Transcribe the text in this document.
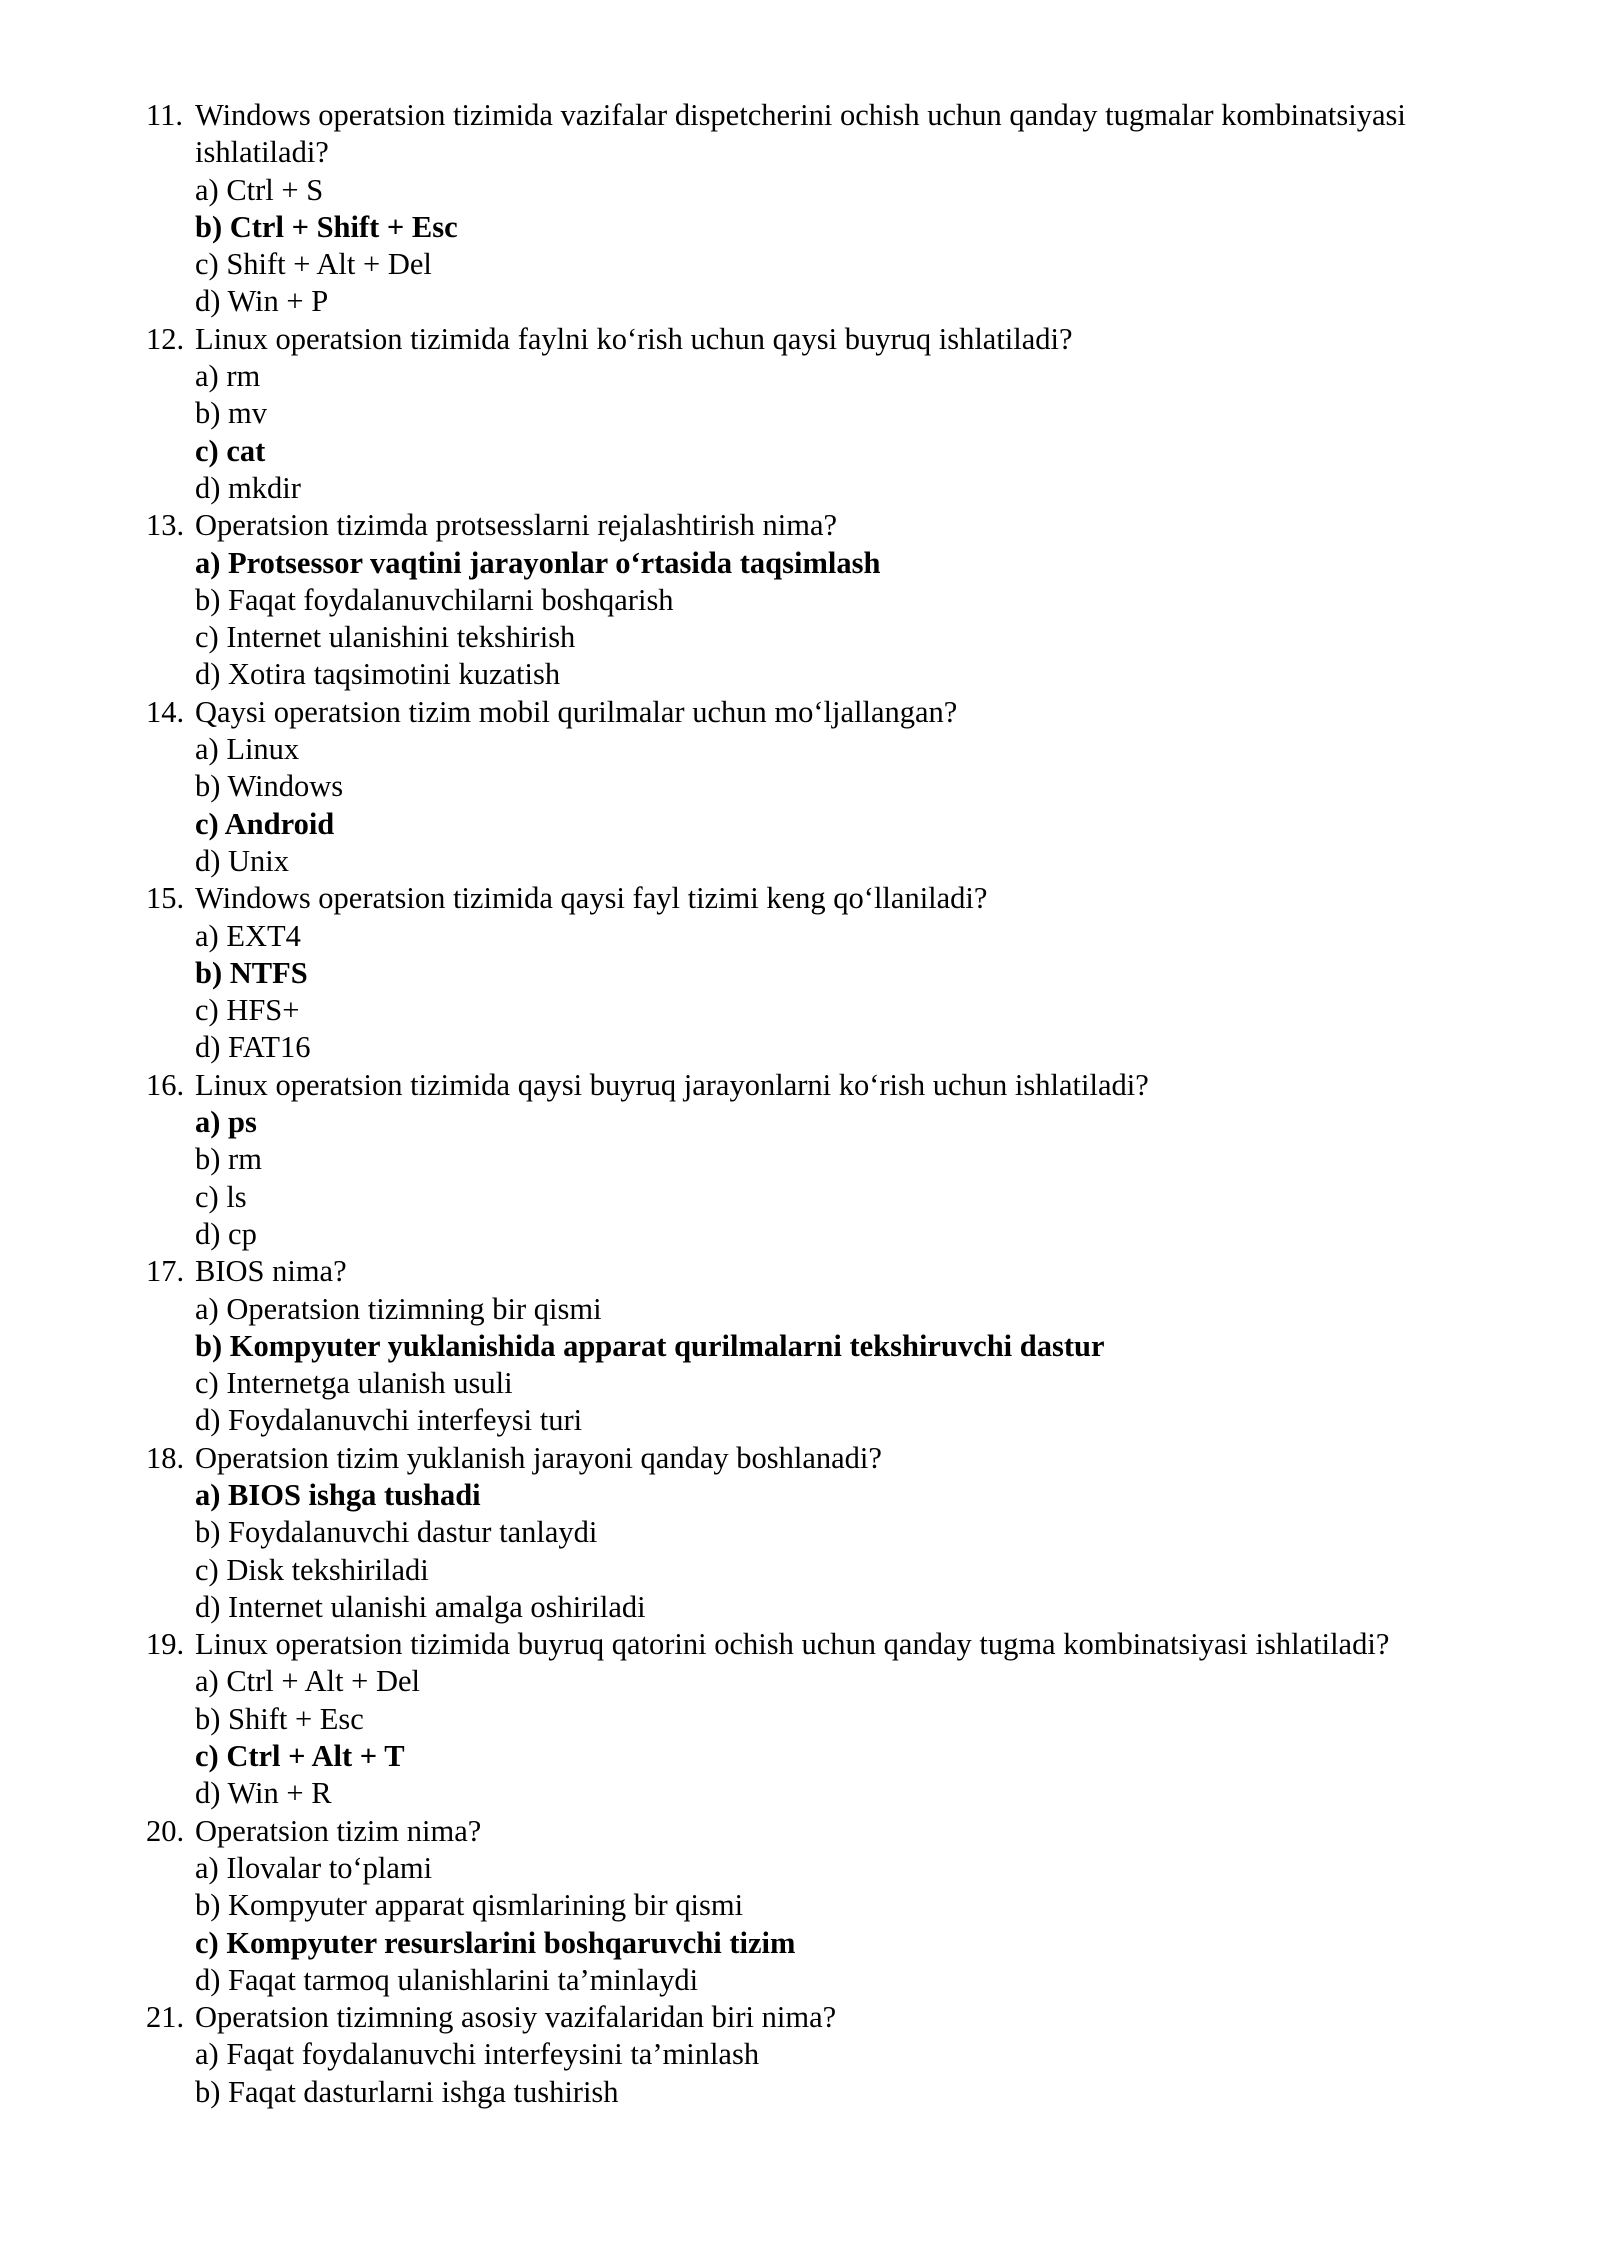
11. Windows operatsion tizimida vazifalar dispetcherini ochish uchun qanday tugmalar kombinatsiyasi ishlatiladi?
a) Ctrl + S
b) Ctrl + Shift + Esc
c) Shift + Alt + Del
d) Win + P
12. Linux operatsion tizimida faylni ko‘rish uchun qaysi buyruq ishlatiladi?
a) rm
b) mv
c) cat
d) mkdir
13. Operatsion tizimda protsesslarni rejalashtirish nima?
a) Protsessor vaqtini jarayonlar o‘rtasida taqsimlash
b) Faqat foydalanuvchilarni boshqarish
c) Internet ulanishini tekshirish
d) Xotira taqsimotini kuzatish
14. Qaysi operatsion tizim mobil qurilmalar uchun mo‘ljallangan?
a) Linux
b) Windows
c) Android
d) Unix
15. Windows operatsion tizimida qaysi fayl tizimi keng qo‘llaniladi?
a) EXT4
b) NTFS
c) HFS+
d) FAT16
16. Linux operatsion tizimida qaysi buyruq jarayonlarni ko‘rish uchun ishlatiladi?
a) ps
b) rm
c) ls
d) cp
17. BIOS nima?
a) Operatsion tizimning bir qismi
b) Kompyuter yuklanishida apparat qurilmalarni tekshiruvchi dastur
c) Internetga ulanish usuli
d) Foydalanuvchi interfeysi turi
18. Operatsion tizim yuklanish jarayoni qanday boshlanadi?
a) BIOS ishga tushadi
b) Foydalanuvchi dastur tanlaydi
c) Disk tekshiriladi
d) Internet ulanishi amalga oshiriladi
19. Linux operatsion tizimida buyruq qatorini ochish uchun qanday tugma kombinatsiyasi ishlatiladi?
a) Ctrl + Alt + Del
b) Shift + Esc
c) Ctrl + Alt + T
d) Win + R
20. Operatsion tizim nima?
a) Ilovalar to‘plami
b) Kompyuter apparat qismlarining bir qismi
c) Kompyuter resurslarini boshqaruvchi tizim
d) Faqat tarmoq ulanishlarini ta’minlaydi
21. Operatsion tizimning asosiy vazifalaridan biri nima?
a) Faqat foydalanuvchi interfeysini ta’minlash
b) Faqat dasturlarni ishga tushirish
